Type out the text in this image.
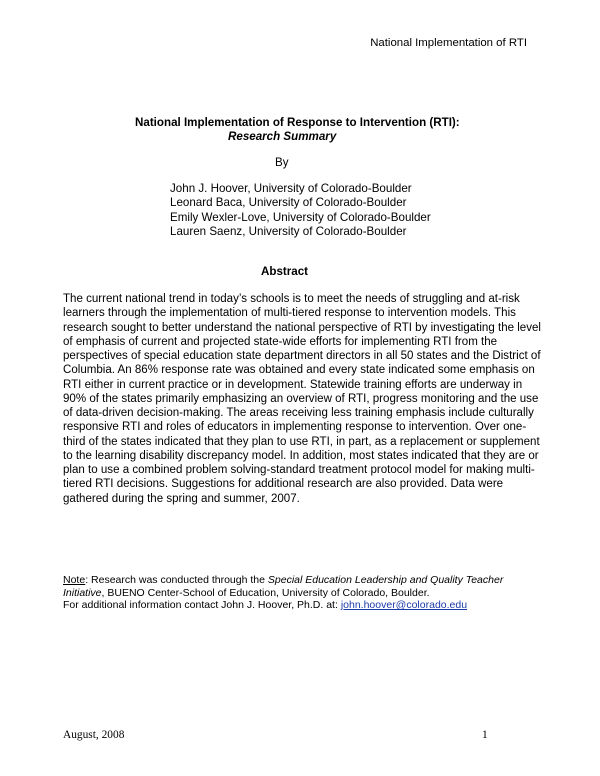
National Implementation of RTI
National Implementation of Response to Intervention (RTI):
Research Summary
By
John J. Hoover, University of Colorado-Boulder
Leonard Baca, University of Colorado-Boulder
Emily Wexler-Love, University of Colorado-Boulder
Lauren Saenz, University of Colorado-Boulder
Abstract

The current national trend in today’s schools is to meet the needs of struggling and at-risk learners through the implementation of multi-tiered response to intervention models. This research sought to better understand the national perspective of RTI by investigating the level of emphasis of current and projected state-wide efforts for implementing RTI from the perspectives of special education state department directors in all 50 states and the District of Columbia. An 86% response rate was obtained and every state indicated some emphasis on RTI either in current practice or in development. Statewide training efforts are underway in 90% of the states primarily emphasizing an overview of RTI, progress monitoring and the use of data-driven decision-making. The areas receiving less training emphasis include culturally responsive RTI and roles of educators in implementing response to intervention. Over one-third of the states indicated that they plan to use RTI, in part, as a replacement or supplement to the learning disability discrepancy model. In addition, most states indicated that they are or plan to use a combined problem solving-standard treatment protocol model for making multi-tiered RTI decisions. Suggestions for additional research are also provided. Data were gathered during the spring and summer, 2007.

Note: Research was conducted through the Special Education Leadership and Quality Teacher Initiative, BUENO Center-School of Education, University of Colorado, Boulder.
For additional information contact John J. Hoover, Ph.D. at: john.hoover@colorado.edu
August, 2008	1
